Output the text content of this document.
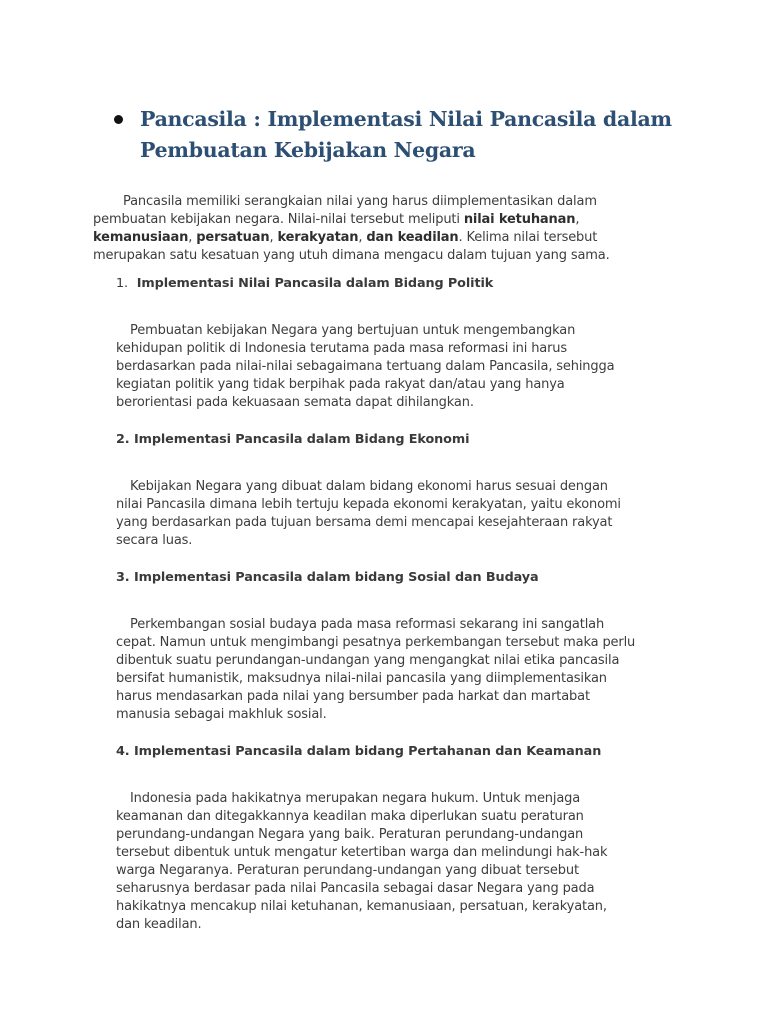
Pancasila : Implementasi Nilai Pancasila dalam
Pembuatan Kebijakan Negara
Pancasila memiliki serangkaian nilai yang harus diimplementasikan dalam
pembuatan kebijakan negara. Nilai-nilai tersebut meliputi nilai ketuhanan,
kemanusiaan, persatuan, kerakyatan, dan keadilan. Kelima nilai tersebut
merupakan satu kesatuan yang utuh dimana mengacu dalam tujuan yang sama.
1. Implementasi Nilai Pancasila dalam Bidang Politik
Pembuatan kebijakan Negara yang bertujuan untuk mengembangkan
kehidupan politik di Indonesia terutama pada masa reformasi ini harus
berdasarkan pada nilai-nilai sebagaimana tertuang dalam Pancasila, sehingga
kegiatan politik yang tidak berpihak pada rakyat dan/atau yang hanya
berorientasi pada kekuasaan semata dapat dihilangkan.
2. Implementasi Pancasila dalam Bidang Ekonomi
Kebijakan Negara yang dibuat dalam bidang ekonomi harus sesuai dengan
nilai Pancasila dimana lebih tertuju kepada ekonomi kerakyatan, yaitu ekonomi
yang berdasarkan pada tujuan bersama demi mencapai kesejahteraan rakyat
secara luas.
3. Implementasi Pancasila dalam bidang Sosial dan Budaya
Perkembangan sosial budaya pada masa reformasi sekarang ini sangatlah
cepat. Namun untuk mengimbangi pesatnya perkembangan tersebut maka perlu
dibentuk suatu perundangan-undangan yang mengangkat nilai etika pancasila
bersifat humanistik, maksudnya nilai-nilai pancasila yang diimplementasikan
harus mendasarkan pada nilai yang bersumber pada harkat dan martabat
manusia sebagai makhluk sosial.
4. Implementasi Pancasila dalam bidang Pertahanan dan Keamanan
Indonesia pada hakikatnya merupakan negara hukum. Untuk menjaga
keamanan dan ditegakkannya keadilan maka diperlukan suatu peraturan
perundang-undangan Negara yang baik. Peraturan perundang-undangan
tersebut dibentuk untuk mengatur ketertiban warga dan melindungi hak-hak
warga Negaranya. Peraturan perundang-undangan yang dibuat tersebut
seharusnya berdasar pada nilai Pancasila sebagai dasar Negara yang pada
hakikatnya mencakup nilai ketuhanan, kemanusiaan, persatuan, kerakyatan,
dan keadilan.
